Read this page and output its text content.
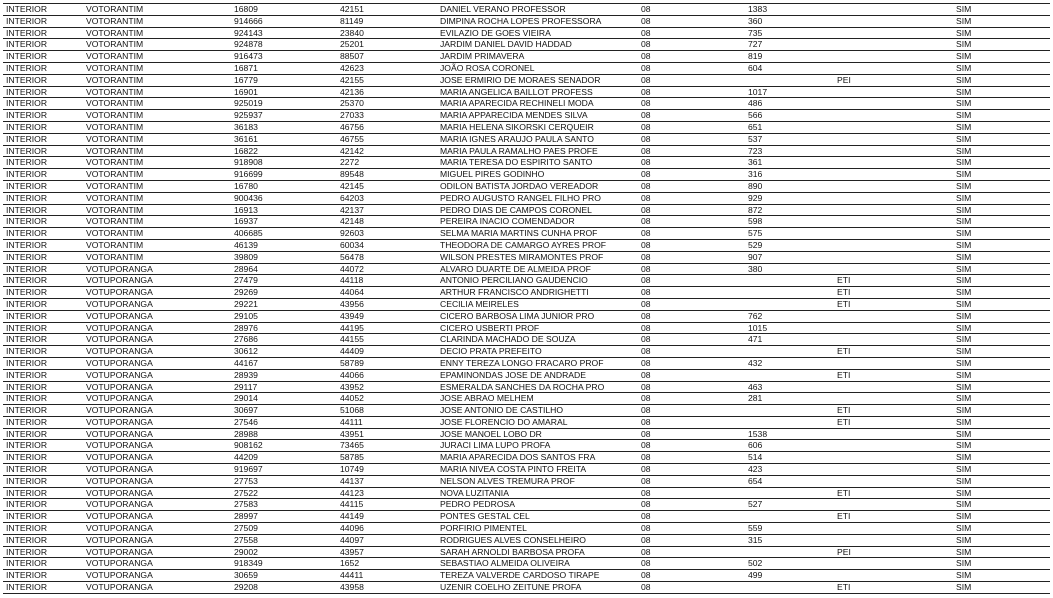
INTERIOR	VOTORANTIM	16809	42151	DANIEL VERANO PROFESSOR	08	1383		SIM
INTERIOR	VOTORANTIM	914666	81149	DIMPINA ROCHA LOPES PROFESSORA	08	360		SIM
INTERIOR	VOTORANTIM	924143	23840	EVILAZIO DE GOES VIEIRA	08	735		SIM
INTERIOR	VOTORANTIM	924878	25201	JARDIM DANIEL DAVID HADDAD	08	727		SIM
INTERIOR	VOTORANTIM	916473	88507	JARDIM PRIMAVERA	08	819		SIM
INTERIOR	VOTORANTIM	16871	42623	JOÃO ROSA CORONEL	08	604		SIM
INTERIOR	VOTORANTIM	16779	42155	JOSE ERMIRIO DE MORAES SENADOR	08		PEI	SIM
INTERIOR	VOTORANTIM	16901	42136	MARIA ANGELICA BAILLOT PROFESS	08	1017		SIM
INTERIOR	VOTORANTIM	925019	25370	MARIA APARECIDA RECHINELI MODA	08	486		SIM
INTERIOR	VOTORANTIM	925937	27033	MARIA APPARECIDA MENDES SILVA	08	566		SIM
INTERIOR	VOTORANTIM	36183	46756	MARIA HELENA SIKORSKI CERQUEIR	08	651		SIM
INTERIOR	VOTORANTIM	36161	46755	MARIA IGNES ARAUJO PAULA SANTO	08	537		SIM
INTERIOR	VOTORANTIM	16822	42142	MARIA PAULA RAMALHO PAES PROFE	08	723		SIM
INTERIOR	VOTORANTIM	918908	2272	MARIA TERESA DO ESPIRITO SANTO	08	361		SIM
INTERIOR	VOTORANTIM	916699	89548	MIGUEL PIRES GODINHO	08	316		SIM
INTERIOR	VOTORANTIM	16780	42145	ODILON BATISTA JORDAO VEREADOR	08	890		SIM
INTERIOR	VOTORANTIM	900436	64203	PEDRO AUGUSTO RANGEL FILHO PRO	08	929		SIM
INTERIOR	VOTORANTIM	16913	42137	PEDRO DIAS DE CAMPOS CORONEL	08	872		SIM
INTERIOR	VOTORANTIM	16937	42148	PEREIRA INACIO COMENDADOR	08	598		SIM
INTERIOR	VOTORANTIM	406685	92603	SELMA MARIA MARTINS CUNHA PROF	08	575		SIM
INTERIOR	VOTORANTIM	46139	60034	THEODORA DE CAMARGO AYRES PROF	08	529		SIM
INTERIOR	VOTORANTIM	39809	56478	WILSON PRESTES MIRAMONTES PROF	08	907		SIM
INTERIOR	VOTUPORANGA	28964	44072	ALVARO DUARTE DE ALMEIDA PROF	08	380		SIM
INTERIOR	VOTUPORANGA	27479	44118	ANTONIO PERCILIANO GAUDENCIO	08		ETI	SIM
INTERIOR	VOTUPORANGA	29269	44064	ARTHUR FRANCISCO ANDRIGHETTI	08		ETI	SIM
INTERIOR	VOTUPORANGA	29221	43956	CECILIA MEIRELES	08		ETI	SIM
INTERIOR	VOTUPORANGA	29105	43949	CICERO BARBOSA LIMA JUNIOR PRO	08	762		SIM
INTERIOR	VOTUPORANGA	28976	44195	CICERO USBERTI PROF	08	1015		SIM
INTERIOR	VOTUPORANGA	27686	44155	CLARINDA MACHADO DE SOUZA	08	471		SIM
INTERIOR	VOTUPORANGA	30612	44409	DECIO PRATA PREFEITO	08		ETI	SIM
INTERIOR	VOTUPORANGA	44167	58789	ENNY TEREZA LONGO FRACARO PROF	08	432		SIM
INTERIOR	VOTUPORANGA	28939	44066	EPAMINONDAS JOSE DE ANDRADE	08		ETI	SIM
INTERIOR	VOTUPORANGA	29117	43952	ESMERALDA SANCHES DA ROCHA PRO	08	463		SIM
INTERIOR	VOTUPORANGA	29014	44052	JOSE ABRAO MELHEM	08	281		SIM
INTERIOR	VOTUPORANGA	30697	51068	JOSE ANTONIO DE CASTILHO	08		ETI	SIM
INTERIOR	VOTUPORANGA	27546	44111	JOSE FLORENCIO DO AMARAL	08		ETI	SIM
INTERIOR	VOTUPORANGA	28988	43951	JOSE MANOEL LOBO DR	08	1538		SIM
INTERIOR	VOTUPORANGA	908162	73465	JURACI LIMA LUPO PROFA	08	606		SIM
INTERIOR	VOTUPORANGA	44209	58785	MARIA APARECIDA DOS SANTOS FRA	08	514		SIM
INTERIOR	VOTUPORANGA	919697	10749	MARIA NIVEA COSTA PINTO FREITA	08	423		SIM
INTERIOR	VOTUPORANGA	27753	44137	NELSON ALVES TREMURA PROF	08	654		SIM
INTERIOR	VOTUPORANGA	27522	44123	NOVA LUZITANIA	08		ETI	SIM
INTERIOR	VOTUPORANGA	27583	44115	PEDRO PEDROSA	08	527		SIM
INTERIOR	VOTUPORANGA	28997	44149	PONTES GESTAL CEL	08		ETI	SIM
INTERIOR	VOTUPORANGA	27509	44096	PORFIRIO PIMENTEL	08	559		SIM
INTERIOR	VOTUPORANGA	27558	44097	RODRIGUES ALVES CONSELHEIRO	08	315		SIM
INTERIOR	VOTUPORANGA	29002	43957	SARAH ARNOLDI BARBOSA PROFA	08		PEI	SIM
INTERIOR	VOTUPORANGA	918349	1652	SEBASTIAO ALMEIDA OLIVEIRA	08	502		SIM
INTERIOR	VOTUPORANGA	30659	44411	TEREZA VALVERDE CARDOSO TIRAPE	08	499		SIM
INTERIOR	VOTUPORANGA	29208	43958	UZENIR COELHO ZEITUNE PROFA	08		ETI	SIM
